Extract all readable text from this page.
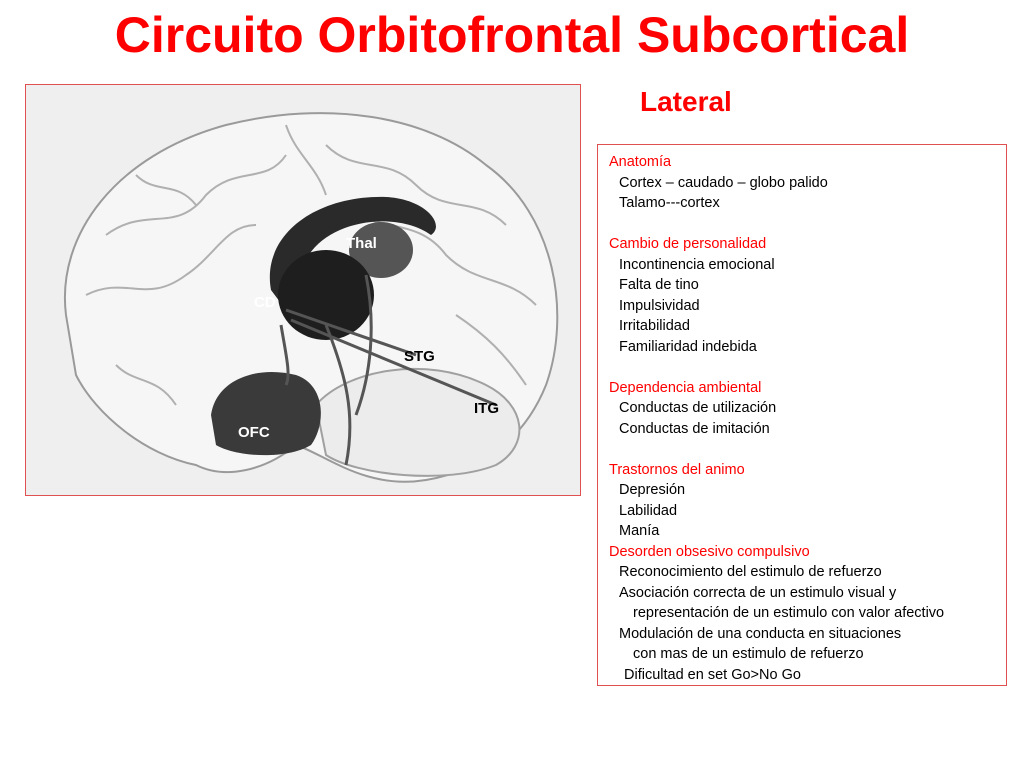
Circuito Orbitofrontal Subcortical
Lateral
Thal
CD
STG
ITG
OFC
Anatomía
Cortex – caudado – globo palido
Talamo---cortex
Cambio de personalidad
Incontinencia emocional
Falta de tino
Impulsividad
Irritabilidad
Familiaridad indebida
Dependencia ambiental
Conductas de utilización
Conductas de imitación
Trastornos del animo
Depresión
Labilidad
Manía
Desorden obsesivo compulsivo
Reconocimiento del estimulo de refuerzo
Asociación correcta de un estimulo visual y
representación de un estimulo con valor afectivo
Modulación de una conducta en situaciones
con mas de un estimulo de refuerzo
Dificultad en set Go>No Go
